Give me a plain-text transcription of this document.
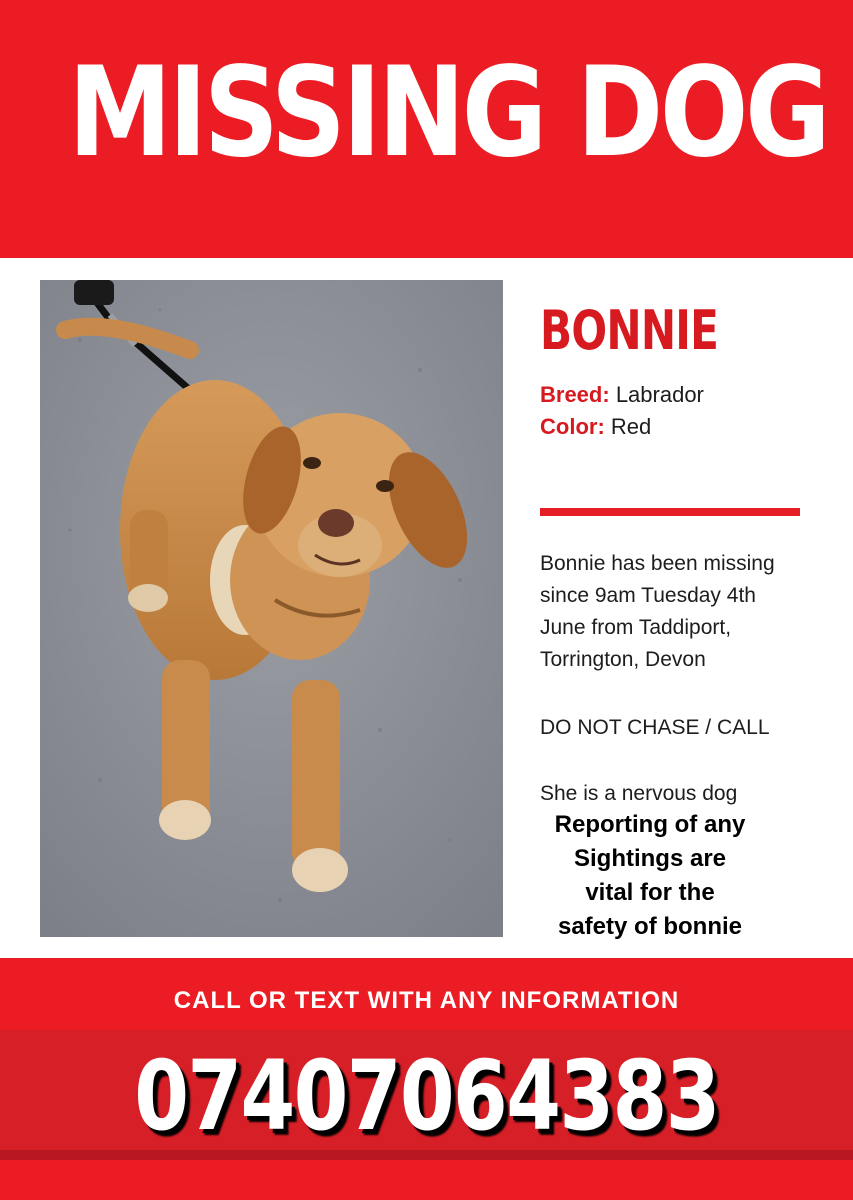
MISSING DOG
BONNIE
Breed: Labrador
Color: Red
Bonnie has been missing
since 9am Tuesday 4th
June from Taddiport,
Torrington, Devon
DO NOT CHASE / CALL
She is a nervous dog
Reporting of any
Sightings are
vital for the
safety of bonnie
CALL OR TEXT WITH ANY INFORMATION
07407064383
